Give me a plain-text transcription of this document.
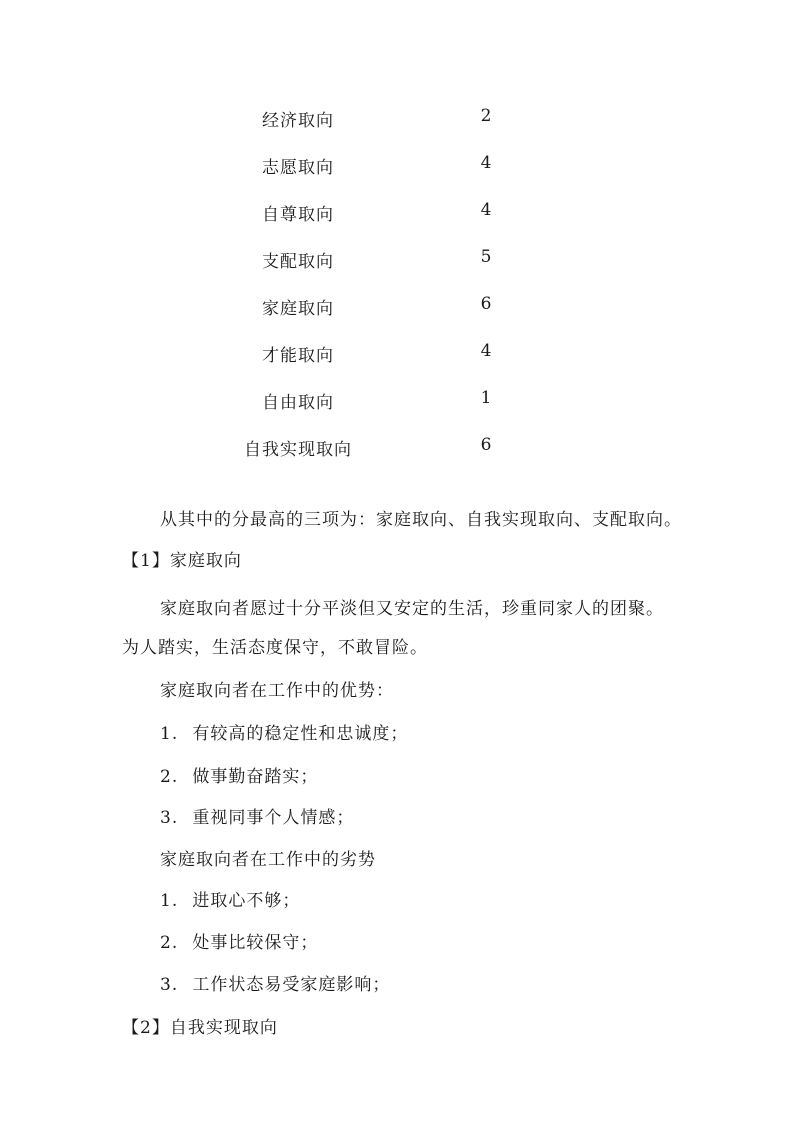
经济取向	2
志愿取向	4
自尊取向	4
支配取向	5
家庭取向	6
才能取向	4
自由取向	1
自我实现取向	6
从其中的分最高的三项为：家庭取向、自我实现取向、支配取向。
【1】家庭取向
家庭取向者愿过十分平淡但又安定的生活，珍重同家人的团聚。
为人踏实，生活态度保守，不敢冒险。
家庭取向者在工作中的优势：
1. 有较高的稳定性和忠诚度；
2. 做事勤奋踏实；
3. 重视同事个人情感；
家庭取向者在工作中的劣势
1. 进取心不够；
2. 处事比较保守；
3. 工作状态易受家庭影响；
【2】自我实现取向
